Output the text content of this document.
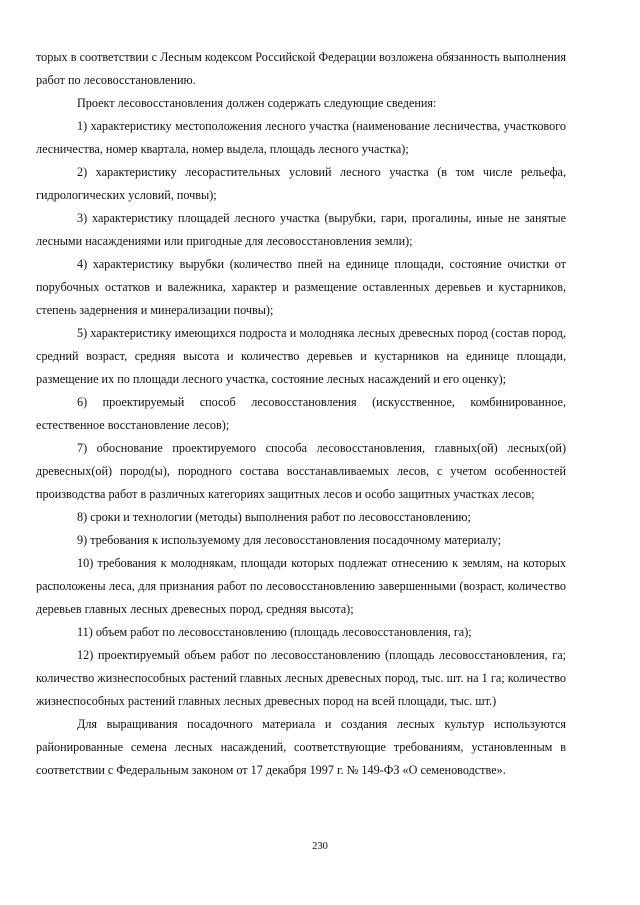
торых в соответствии с Лесным кодексом Российской Федерации возложена обязанность выполнения работ по лесовосстановлению.

Проект лесовосстановления должен содержать следующие сведения:

1) характеристику местоположения лесного участка (наименование лесничества, участкового лесничества, номер квартала, номер выдела, площадь лесного участка);

2) характеристику лесорастительных условий лесного участка (в том числе рельефа, гидрологических условий, почвы);

3) характеристику площадей лесного участка (вырубки, гари, прогалины, иные не занятые лесными насаждениями или пригодные для лесовосстановления земли);

4) характеристику вырубки (количество пней на единице площади, состояние очистки от порубочных остатков и валежника, характер и размещение оставленных деревьев и кустарников, степень задернения и минерализации почвы);

5) характеристику имеющихся подроста и молодняка лесных древесных пород (состав пород, средний возраст, средняя высота и количество деревьев и кустарников на единице площади, размещение их по площади лесного участка, состояние лесных насаждений и его оценку);

6) проектируемый способ лесовосстановления (искусственное, комбинированное, естественное восстановление лесов);

7) обоснование проектируемого способа лесовосстановления, главных(ой) лесных(ой) древесных(ой) пород(ы), породного состава восстанавливаемых лесов, с учетом особенностей производства работ в различных категориях защитных лесов и особо защитных участках лесов;

8) сроки и технологии (методы) выполнения работ по лесовосстановлению;

9) требования к используемому для лесовосстановления посадочному материалу;

10) требования к молоднякам, площади которых подлежат отнесению к землям, на которых расположены леса, для признания работ по лесовосстановлению завершенными (возраст, количество деревьев главных лесных древесных пород, средняя высота);

11) объем работ по лесовосстановлению (площадь лесовосстановления, га);

12) проектируемый объем работ по лесовосстановлению (площадь лесовосстановления, га; количество жизнеспособных растений главных лесных древесных пород, тыс. шт. на 1 га; количество жизнеспособных растений главных лесных древесных пород на всей площади, тыс. шт.)

Для выращивания посадочного материала и создания лесных культур используются районированные семена лесных насаждений, соответствующие требованиям, установленным в соответствии с Федеральным законом от 17 декабря 1997 г. № 149-ФЗ «О семеноводстве».

230
